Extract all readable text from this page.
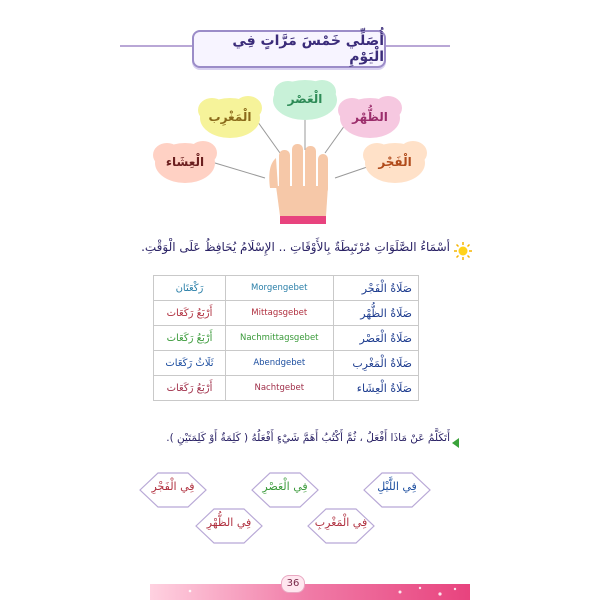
أُصَلِّي خَمْسَ مَرَّاتٍ فِي الْيَوْمِ
الْمَغْرِب
الْعَصْر
الظُّهْر
الْعِشَاء	الْفَجْر
أسْمَاءُ الصَّلَوَاتِ مُرْتَبِطَةٌ بِالأَوْقَاتِ .. الإِسْلَامُ يُحَافِظُ عَلَى الْوَقْتِ.
رَكْعَتَان	Morgengebet	صَلَاةُ الْفَجْر
أَرْبَعُ رَكَعَات	Mittagsgebet	صَلَاةُ الظُّهْر
أَرْبَعُ رَكَعَات	Nachmittagsgebet	صَلَاةُ الْعَصْر
ثَلَاثُ رَكَعَات	Abendgebet	صَلَاةُ الْمَغْرِب
أَرْبَعُ رَكَعَات	Nachtgebet	صَلَاةُ الْعِشَاء
أَتَكَلَّمُ عَنْ مَاذَا أَفْعَلُ ، ثُمَّ أَكْتُبُ أَهَمَّ شَيْءٍ أَفْعَلُهُ ( كَلِمَةٌ أَوْ كَلِمَتَيْنِ ).
فِي الْفَجْرِ
فِي الظُّهْرِ
فِي الْعَصْرِ
فِي الْمَغْرِبِ
فِي اللَّيْلِ
36
